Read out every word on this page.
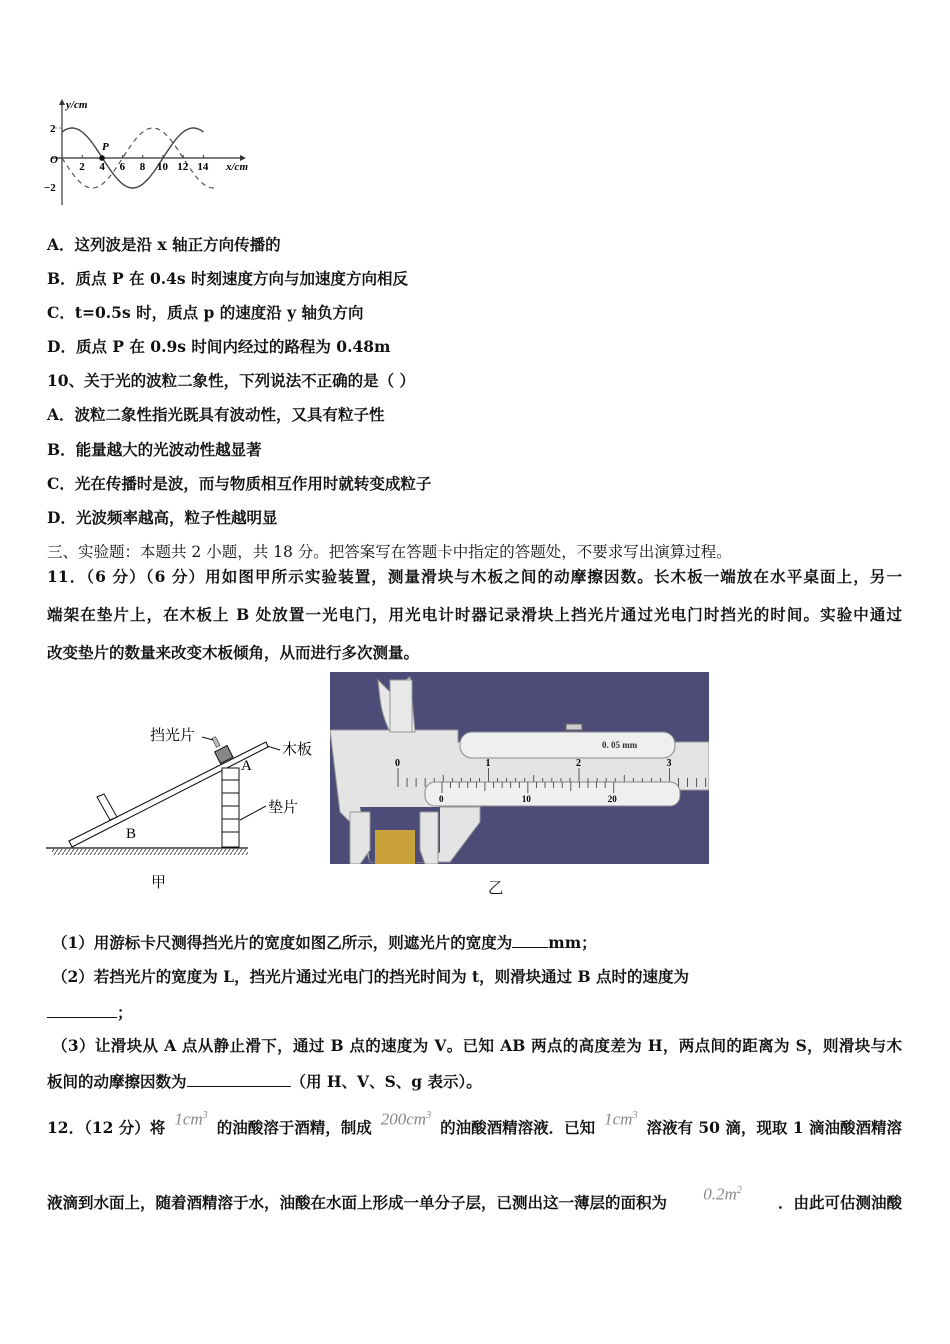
y/cm
x/cm
O
2
−2
2 4 6 8 10 12 14
P
A．这列波是沿 x 轴正方向传播的
B．质点 P 在 0.4s 时刻速度方向与加速度方向相反
C．t=0.5s 时，质点 p 的速度沿 y 轴负方向
D．质点 P 在 0.9s 时间内经过的路程为 0.48m
10、关于光的波粒二象性，下列说法不正确的是（ ）
A．波粒二象性指光既具有波动性，又具有粒子性
B．能量越大的光波动性越显著
C．光在传播时是波，而与物质相互作用时就转变成粒子
D．光波频率越高，粒子性越明显
三、实验题：本题共 2 小题，共 18 分。把答案写在答题卡中指定的答题处，不要求写出演算过程。
11．（6 分）（6 分）用如图甲所示实验装置，测量滑块与木板之间的动摩擦因数。长木板一端放在水平桌面上，另一
端架在垫片上，在木板上 B 处放置一光电门，用光电计时器记录滑块上挡光片通过光电门时挡光的时间。实验中通过
改变垫片的数量来改变木板倾角，从而进行多次测量。
挡光片
木板
垫片
A
B
甲
0. 05 mm
0	1	2	3
0	10	20
乙
（1）用游标卡尺测得挡光片的宽度如图乙所示，则遮光片的宽度为 mm；
（2）若挡光片的宽度为 L，挡光片通过光电门的挡光时间为 t，则滑块通过 B 点时的速度为
；
（3）让滑块从 A 点从静止滑下，通过 B 点的速度为 V。已知 AB 两点的高度差为 H，两点间的距离为 S，则滑块与木
板间的动摩擦因数为	（用 H、V、S、g 表示）。
12．（12 分）将 $1cm^3$
的油酸溶于酒精，制成 $200cm^3$
的油酸酒精溶液．已知 $1cm^3$
溶液有 50 滴，现取 1 滴油酸酒精溶
液滴到水面上，随着酒精溶于水，油酸在水面上形成一单分子层，已测出这一薄层的面积为 $0.2m^2$
．由此可估测油酸
